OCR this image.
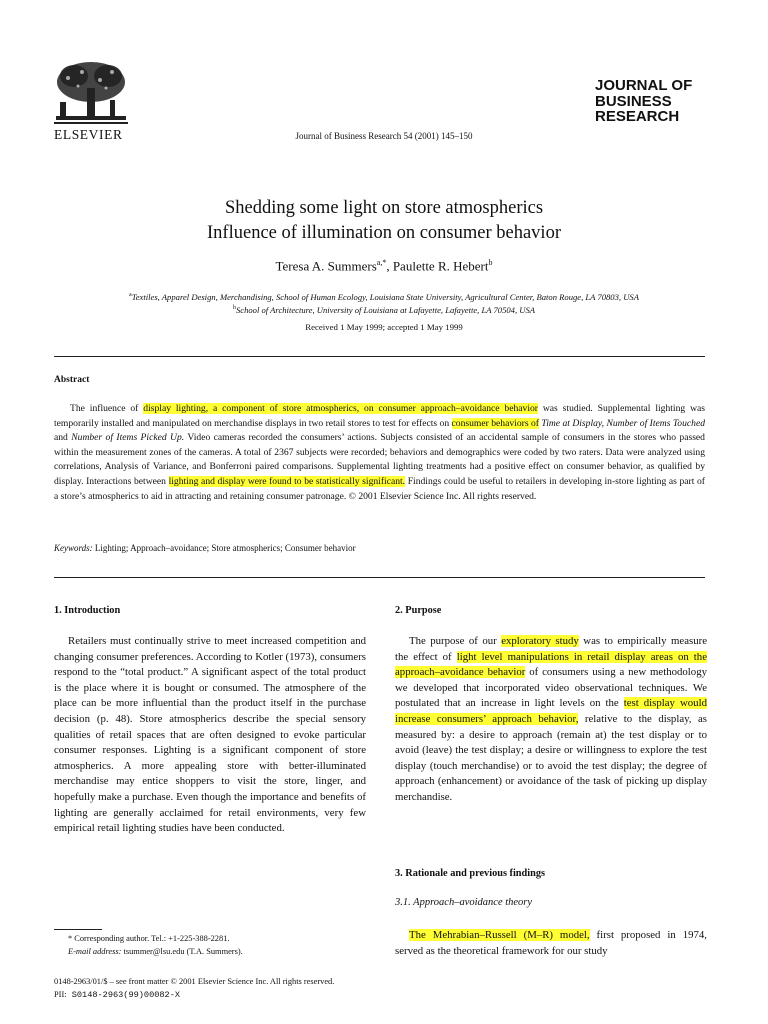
ELSEVIER	Journal of Business Research 54 (2001) 145–150
JOURNAL OF
BUSINESS
RESEARCH
Shedding some light on store atmospherics
Influence of illumination on consumer behavior
Teresa A. Summers$^{a,*}$, Paulette R. Hebert$^b$
$^a$Textiles, Apparel Design, Merchandising, School of Human Ecology, Louisiana State University, Agricultural Center, Baton Rouge, LA 70803, USA
$^b$School of Architecture, University of Louisiana at Lafayette, Lafayette, LA 70504, USA
Received 1 May 1999; accepted 1 May 1999
Abstract
The influence of display lighting, a component of store atmospherics, on consumer approach–avoidance behavior was studied. Supplemental lighting was temporarily installed and manipulated on merchandise displays in two retail stores to test for effects on consumer behaviors of Time at Display, Number of Items Touched and Number of Items Picked Up. Video cameras recorded the consumers’ actions. Subjects consisted of an accidental sample of consumers in the stores who passed within the measurement zones of the cameras. A total of 2367 subjects were recorded; behaviors and demographics were coded by two raters. Data were analyzed using correlations, Analysis of Variance, and Bonferroni paired comparisons. Supplemental lighting treatments had a positive effect on consumer behavior, as qualified by display. Interactions between lighting and display were found to be statistically significant. Findings could be useful to retailers in developing in-store lighting as part of a store’s atmospherics to aid in attracting and retaining consumer patronage. © 2001 Elsevier Science Inc. All rights reserved.
Keywords: Lighting; Approach–avoidance; Store atmospherics; Consumer behavior
1. Introduction

Retailers must continually strive to meet increased competition and changing consumer preferences. According to Kotler (1973), consumers respond to the “total product.” A significant aspect of the total product is the place where it is bought or consumed. The atmosphere of the place can be more influential than the product itself in the purchase decision (p. 48). Store atmospherics describe the special sensory qualities of retail spaces that are often designed to evoke particular consumer responses. Lighting is a significant component of store atmospherics. A more appealing store with better-illuminated merchandise may entice shoppers to visit the store, linger, and hopefully make a purchase. Even though the importance and benefits of lighting are generally acclaimed for retail environments, very few empirical retail lighting studies have been conducted.

* Corresponding author. Tel.: +1-225-388-2281.
E-mail address: tsummer@lsu.edu (T.A. Summers).
2. Purpose

The purpose of our exploratory study was to empirically measure the effect of light level manipulations in retail display areas on the approach–avoidance behavior of consumers using a new methodology we developed that incorporated video observational techniques. We postulated that an increase in light levels on the test display would increase consumers’ approach behavior, relative to the display, as measured by: a desire to approach (remain at) the test display or to avoid (leave) the test display; a desire or willingness to explore the test display (touch merchandise) or to avoid the test display; the degree of approach (enhancement) or avoidance of the task of picking up display merchandise.

3. Rationale and previous findings
3.1. Approach–avoidance theory

The Mehrabian–Russell (M–R) model, first proposed in 1974, served as the theoretical framework for our study

0148-2963/01/$ – see front matter © 2001 Elsevier Science Inc. All rights reserved.
PII: S0148-2963(99)00082-X
